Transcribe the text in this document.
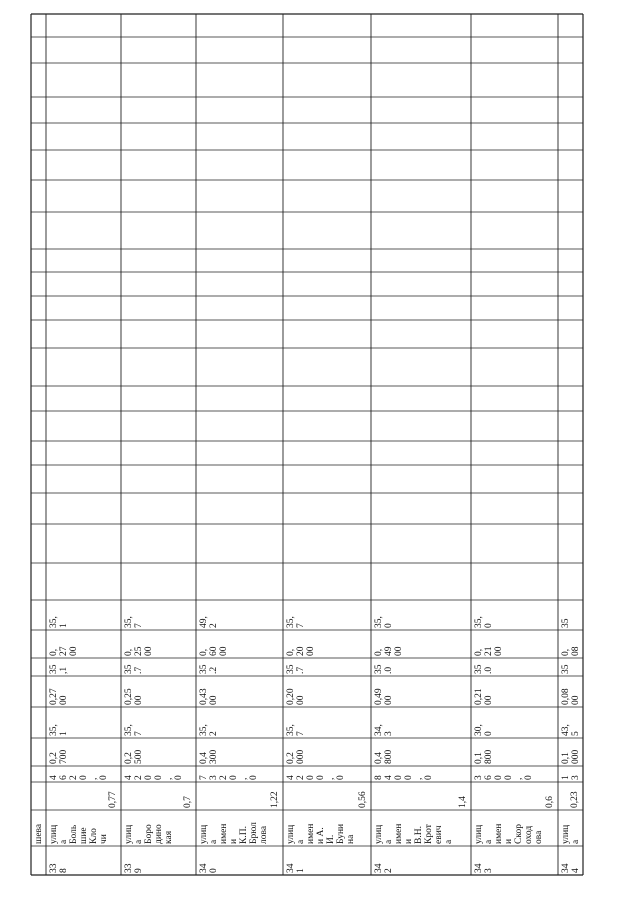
35, 1
0, 27 00
35 ,1
0,27 00
35, 1
0,2 700
4 6 2 0 , 0
0,77
улиц а Боль шие Кло чи
33 8
35, 7
0, 25 00
35 .7
0,25 00
35, 7
0,2 500
4 2 0 0 , 0
0,7
улиц а Боро дино кая
33 9
49, 2
0, 60 00
35 .2
0,43 00
35, 2
0,4 300
7 3 2 0 , 0
1,22
улиц а имен и К.П. Брюл лова
34 0
35, 7
0, 20 00
35 .7
0,20 00
35, 7
0,2 000
4 2 0 0 , 0
0,56
улиц а имен и А. И. Буни на
34 1
35, 0
0, 49 00
35 .0
0,49 00
34, 3
0,4 800
8 4 0 0 , 0
1,4
улиц а имен и В.Н. Крот евич а
34 2
35, 0
0, 21 00
35 .0
0,21 00
30, 0
0,1 800
3 6 0 0 , 0
0,6
улиц а имен и Скор оход ова
34 3
35
0, 08
35
0,08 00
43, 5
0,1 000
1 3
0,23
улиц а
34 4
шева
